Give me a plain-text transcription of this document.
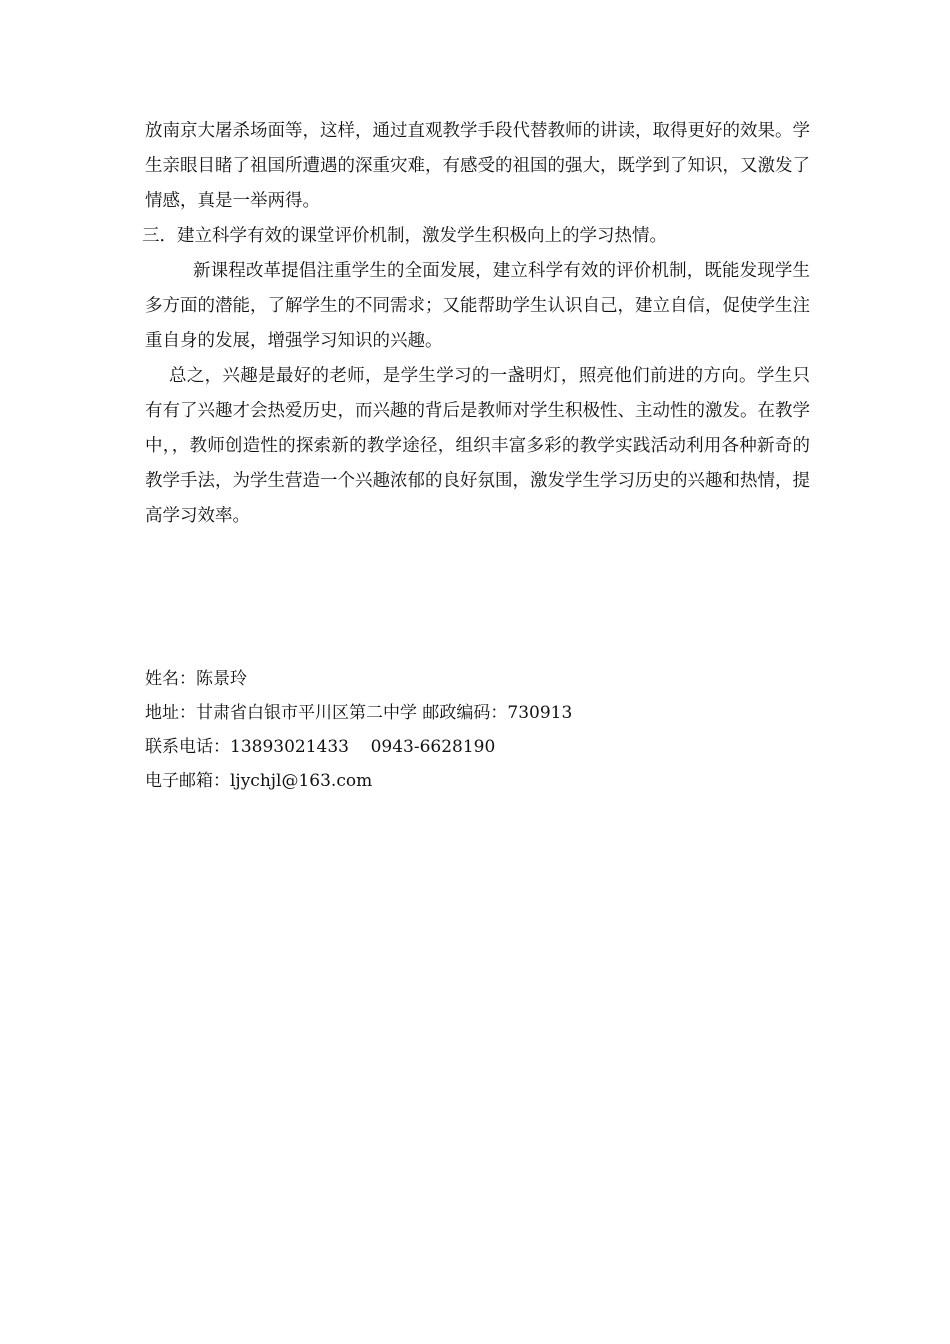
放南京大屠杀场面等，这样，通过直观教学手段代替教师的讲读，取得更好的效果。学生亲眼目睹了祖国所遭遇的深重灾难，有感受的祖国的强大，既学到了知识，又激发了情感，真是一举两得。

三．建立科学有效的课堂评价机制，激发学生积极向上的学习热情。

新课程改革提倡注重学生的全面发展，建立科学有效的评价机制，既能发现学生多方面的潜能，了解学生的不同需求；又能帮助学生认识自己，建立自信，促使学生注重自身的发展，增强学习知识的兴趣。

总之，兴趣是最好的老师，是学生学习的一盏明灯，照亮他们前进的方向。学生只有有了兴趣才会热爱历史，而兴趣的背后是教师对学生积极性、主动性的激发。在教学中，，教师创造性的探索新的教学途径，组织丰富多彩的教学实践活动利用各种新奇的教学手法，为学生营造一个兴趣浓郁的良好氛围，激发学生学习历史的兴趣和热情，提高学习效率。

姓名：陈景玲
地址：甘肃省白银市平川区第二中学 邮政编码：730913
联系电话：13893021433    0943-6628190
电子邮箱：ljychjl@163.com
